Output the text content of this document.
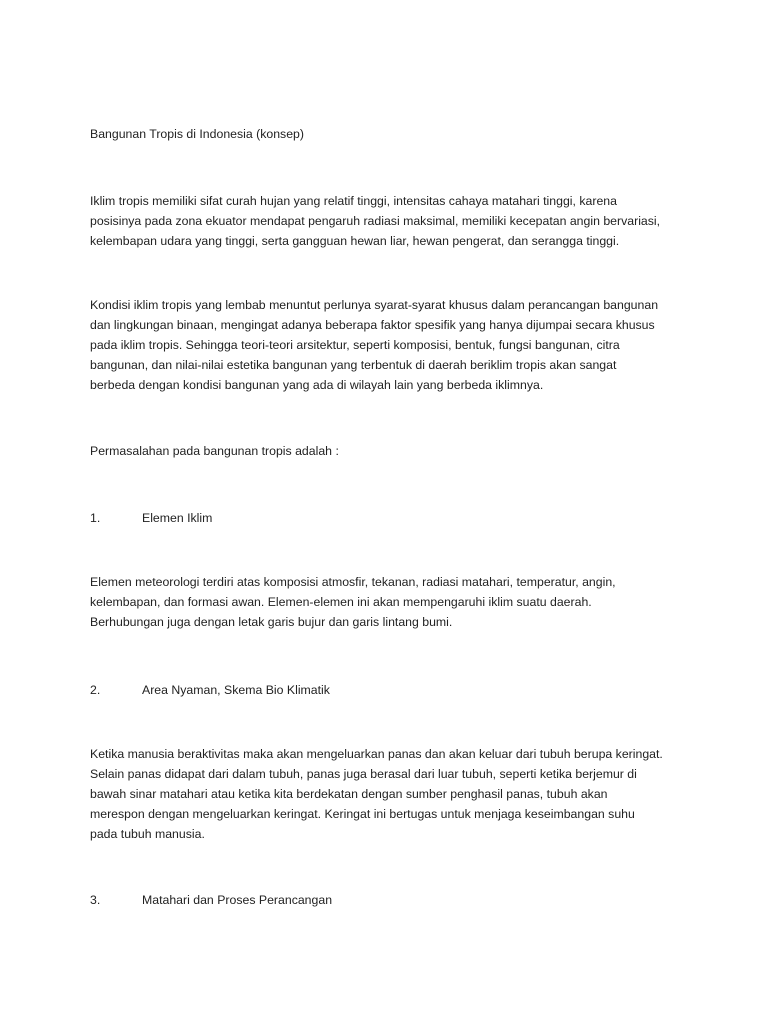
Bangunan Tropis di Indonesia (konsep)
Iklim tropis memiliki sifat curah hujan yang relatif tinggi, intensitas cahaya matahari tinggi, karena
posisinya pada zona ekuator mendapat pengaruh radiasi maksimal, memiliki kecepatan angin bervariasi,
kelembapan udara yang tinggi, serta gangguan hewan liar, hewan pengerat, dan serangga tinggi.
Kondisi iklim tropis yang lembab menuntut perlunya syarat-syarat khusus dalam perancangan bangunan
dan lingkungan binaan, mengingat adanya beberapa faktor spesifik yang hanya dijumpai secara khusus
pada iklim tropis. Sehingga teori-teori arsitektur, seperti komposisi, bentuk, fungsi bangunan, citra
bangunan, dan nilai-nilai estetika bangunan yang terbentuk di daerah beriklim tropis akan sangat
berbeda dengan kondisi bangunan yang ada di wilayah lain yang berbeda iklimnya.
Permasalahan pada bangunan tropis adalah :
1.	Elemen Iklim
Elemen meteorologi terdiri atas komposisi atmosfir, tekanan, radiasi matahari, temperatur, angin,
kelembapan, dan formasi awan. Elemen-elemen ini akan mempengaruhi iklim suatu daerah.
Berhubungan juga dengan letak garis bujur dan garis lintang bumi.
2.	Area Nyaman, Skema Bio Klimatik
Ketika manusia beraktivitas maka akan mengeluarkan panas dan akan keluar dari tubuh berupa keringat.
Selain panas didapat dari dalam tubuh, panas juga berasal dari luar tubuh, seperti ketika berjemur di
bawah sinar matahari atau ketika kita berdekatan dengan sumber penghasil panas, tubuh akan
merespon dengan mengeluarkan keringat. Keringat ini bertugas untuk menjaga keseimbangan suhu
pada tubuh manusia.
3.	Matahari dan Proses Perancangan
